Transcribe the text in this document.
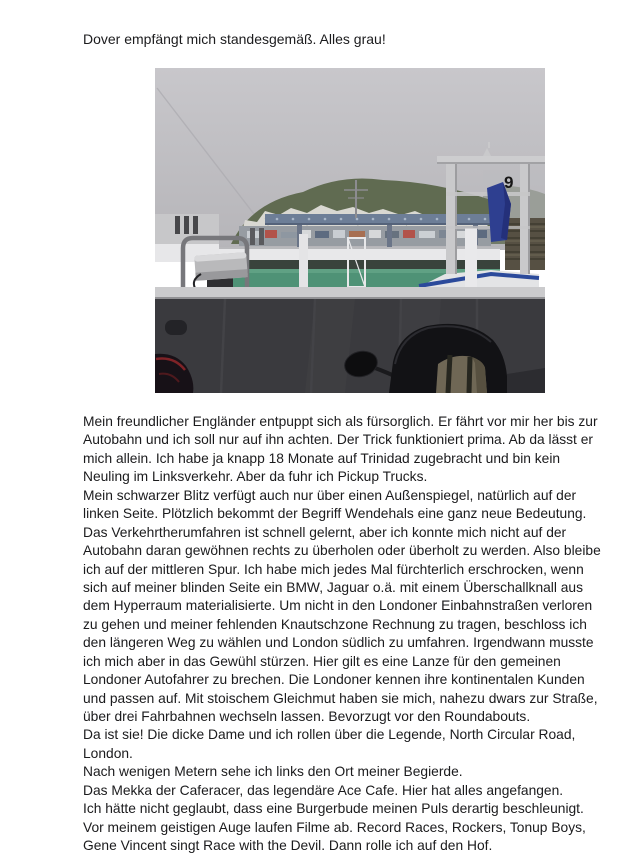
Dover empfängt mich standesgemäß. Alles grau!
9
Mein freundlicher Engländer entpuppt sich als fürsorglich. Er fährt vor mir her bis zur
Autobahn und ich soll nur auf ihn achten. Der Trick funktioniert prima. Ab da lässt er
mich allein. Ich habe ja knapp 18 Monate auf Trinidad zugebracht und bin kein
Neuling im Linksverkehr. Aber da fuhr ich Pickup Trucks.
Mein schwarzer Blitz verfügt auch nur über einen Außenspiegel, natürlich auf der
linken Seite. Plötzlich bekommt der Begriff Wendehals eine ganz neue Bedeutung.
Das Verkehrtherumfahren ist schnell gelernt, aber ich konnte mich nicht auf der
Autobahn daran gewöhnen rechts zu überholen oder überholt zu werden. Also bleibe
ich auf der mittleren Spur. Ich habe mich jedes Mal fürchterlich erschrocken, wenn
sich auf meiner blinden Seite ein BMW, Jaguar o.ä. mit einem Überschallknall aus
dem Hyperraum materialisierte. Um nicht in den Londoner Einbahnstraßen verloren
zu gehen und meiner fehlenden Knautschzone Rechnung zu tragen, beschloss ich
den längeren Weg zu wählen und London südlich zu umfahren. Irgendwann musste
ich mich aber in das Gewühl stürzen. Hier gilt es eine Lanze für den gemeinen
Londoner Autofahrer zu brechen. Die Londoner kennen ihre kontinentalen Kunden
und passen auf. Mit stoischem Gleichmut haben sie mich, nahezu dwars zur Straße,
über drei Fahrbahnen wechseln lassen. Bevorzugt vor den Roundabouts.
Da ist sie! Die dicke Dame und ich rollen über die Legende, North Circular Road,
London.
Nach wenigen Metern sehe ich links den Ort meiner Begierde.
Das Mekka der Caferacer, das legendäre Ace Cafe. Hier hat alles angefangen.
Ich hätte nicht geglaubt, dass eine Burgerbude meinen Puls derartig beschleunigt.
Vor meinem geistigen Auge laufen Filme ab. Record Races, Rockers, Tonup Boys,
Gene Vincent singt Race with the Devil. Dann rolle ich auf den Hof.
